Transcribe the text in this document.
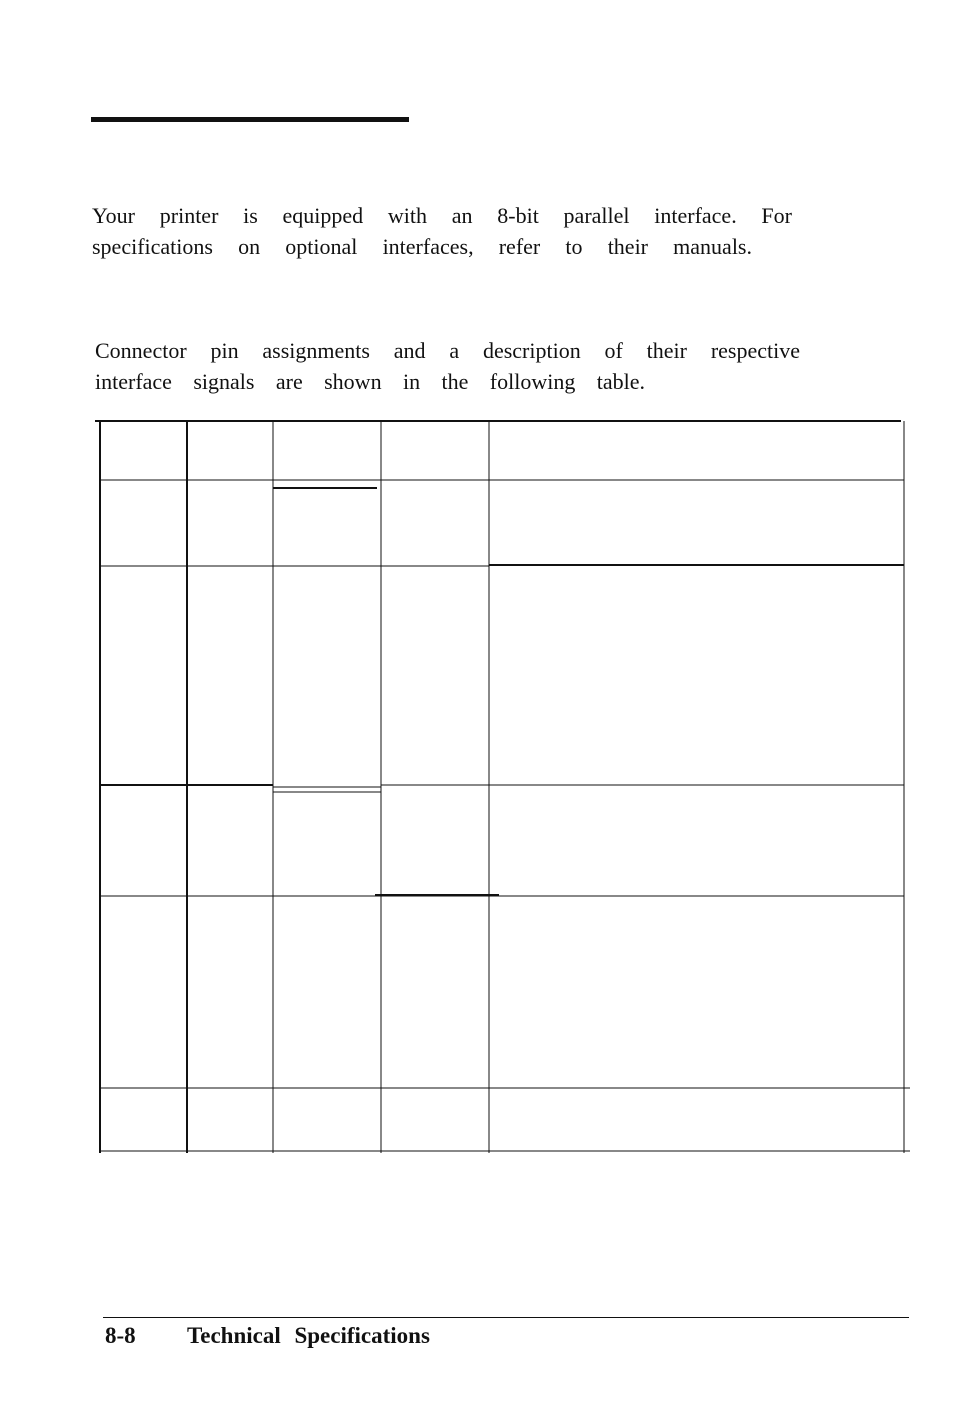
Your printer is equipped with an 8-bit parallel interface. For
specifications on optional interfaces, refer to their manuals.
Connector pin assignments and a description of their respective
interface signals are shown in the following table.
8-8 Technical Specifications
